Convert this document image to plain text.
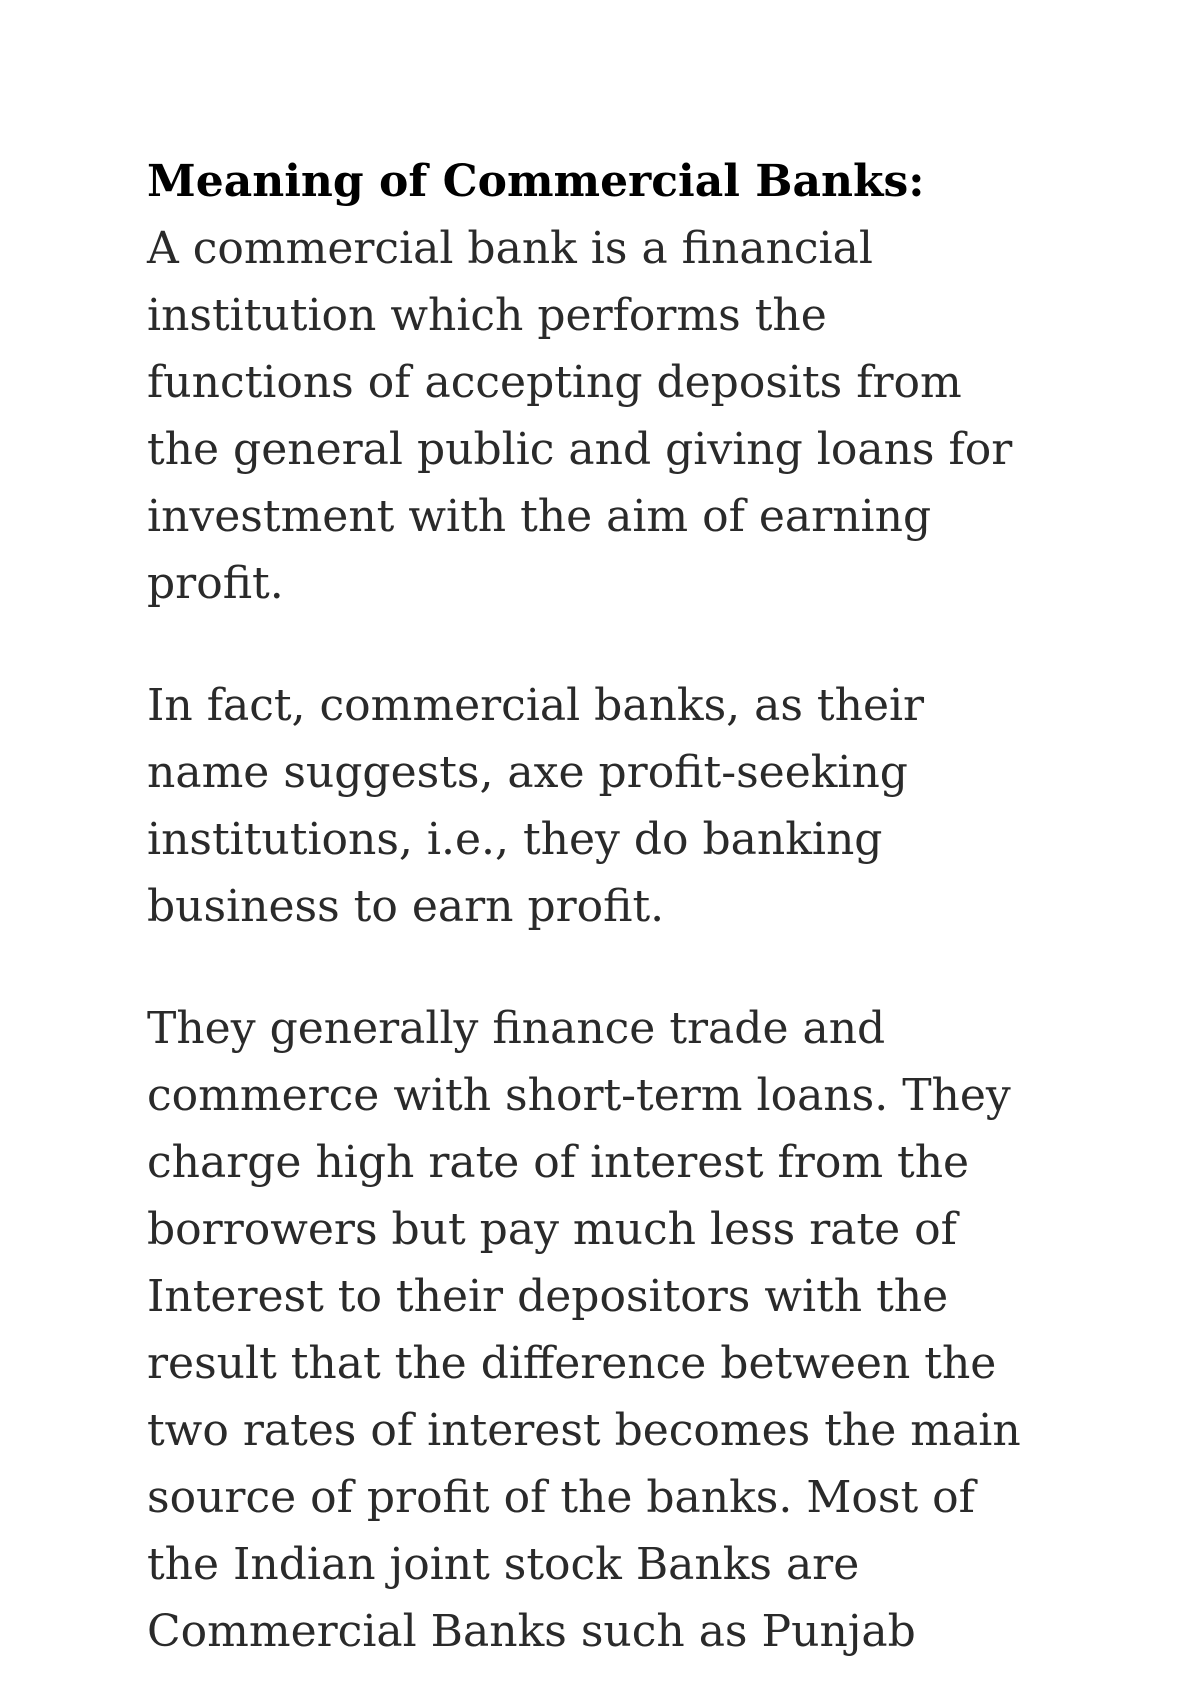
Meaning of Commercial Banks:

A commercial bank is a financial
institution which performs the
functions of accepting deposits from
the general public and giving loans for
investment with the aim of earning
profit.

In fact, commercial banks, as their
name suggests, axe profit-seeking
institutions, i.e., they do banking
business to earn profit.

They generally finance trade and
commerce with short-term loans. They
charge high rate of interest from the
borrowers but pay much less rate of
Interest to their depositors with the
result that the difference between the
two rates of interest becomes the main
source of profit of the banks. Most of
the Indian joint stock Banks are
Commercial Banks such as Punjab
